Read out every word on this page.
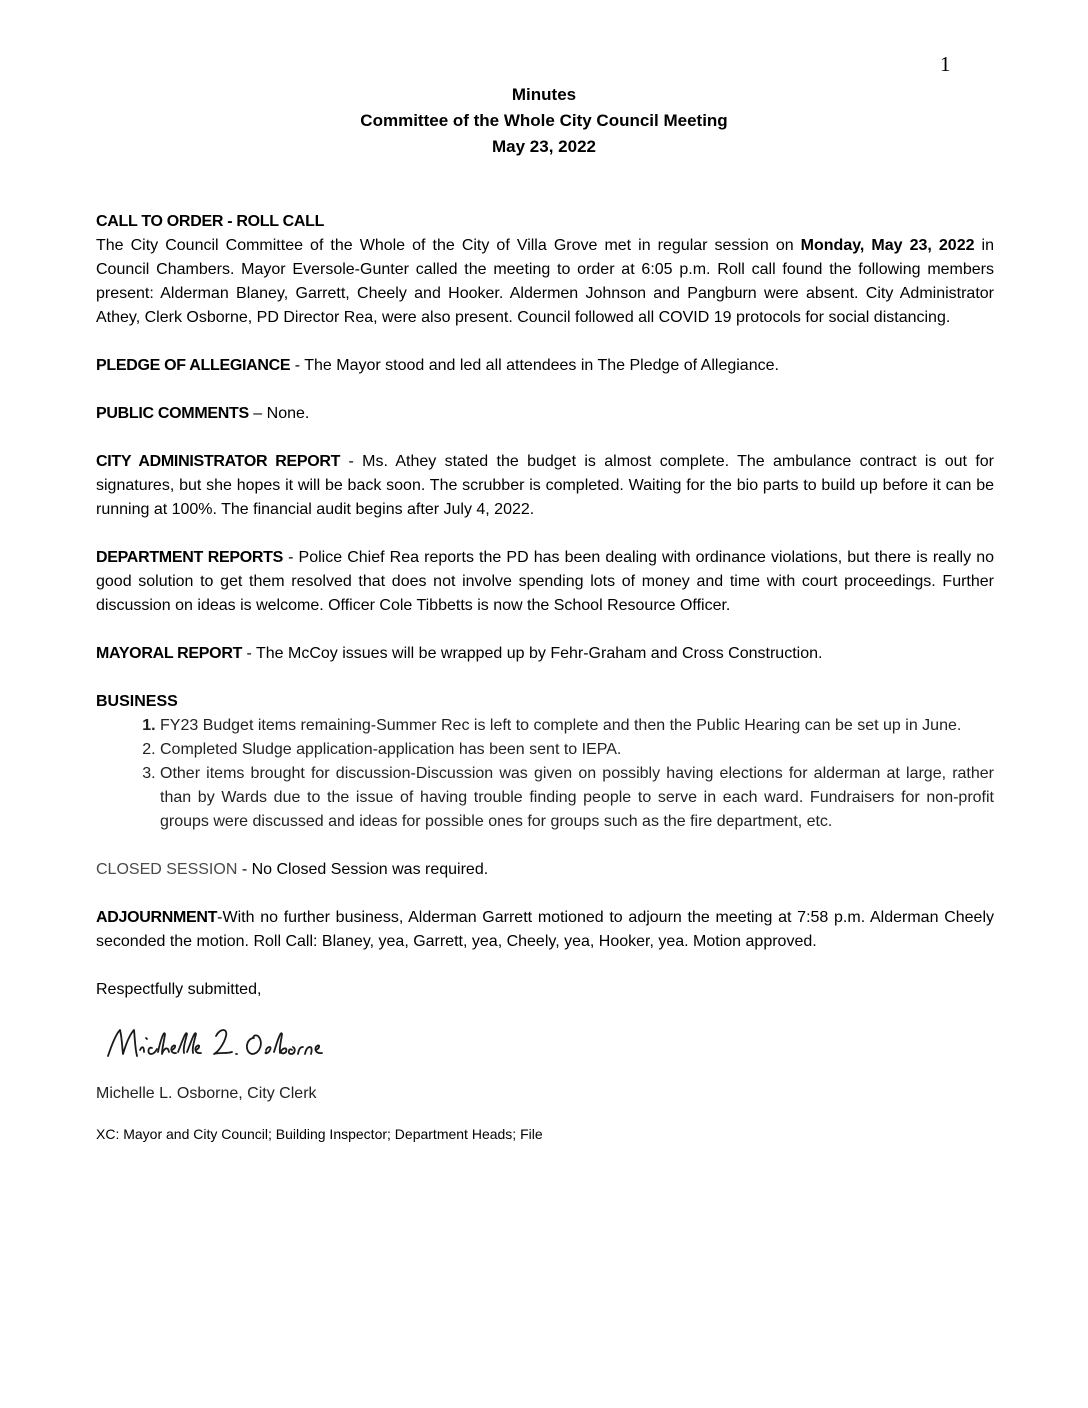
1
Minutes
Committee of the Whole City Council Meeting
May 23, 2022
CALL TO ORDER - ROLL CALL
The City Council Committee of the Whole of the City of Villa Grove met in regular session on Monday, May 23, 2022 in Council Chambers. Mayor Eversole-Gunter called the meeting to order at 6:05 p.m. Roll call found the following members present: Alderman Blaney, Garrett, Cheely and Hooker. Aldermen Johnson and Pangburn were absent. City Administrator Athey, Clerk Osborne, PD Director Rea, were also present. Council followed all COVID 19 protocols for social distancing.

PLEDGE OF ALLEGIANCE - The Mayor stood and led all attendees in The Pledge of Allegiance.

PUBLIC COMMENTS – None.

CITY ADMINISTRATOR REPORT - Ms. Athey stated the budget is almost complete. The ambulance contract is out for signatures, but she hopes it will be back soon. The scrubber is completed. Waiting for the bio parts to build up before it can be running at 100%. The financial audit begins after July 4, 2022.

DEPARTMENT REPORTS - Police Chief Rea reports the PD has been dealing with ordinance violations, but there is really no good solution to get them resolved that does not involve spending lots of money and time with court proceedings. Further discussion on ideas is welcome. Officer Cole Tibbetts is now the School Resource Officer.

MAYORAL REPORT - The McCoy issues will be wrapped up by Fehr-Graham and Cross Construction.

BUSINESS
1. FY23 Budget items remaining-Summer Rec is left to complete and then the Public Hearing can be set up in June.
2. Completed Sludge application-application has been sent to IEPA.
3. Other items brought for discussion-Discussion was given on possibly having elections for alderman at large, rather than by Wards due to the issue of having trouble finding people to serve in each ward. Fundraisers for non-profit groups were discussed and ideas for possible ones for groups such as the fire department, etc.

CLOSED SESSION - No Closed Session was required.

ADJOURNMENT-With no further business, Alderman Garrett motioned to adjourn the meeting at 7:58 p.m. Alderman Cheely seconded the motion. Roll Call: Blaney, yea, Garrett, yea, Cheely, yea, Hooker, yea. Motion approved.

Respectfully submitted,

Michelle L. Osborne, City Clerk

XC: Mayor and City Council; Building Inspector; Department Heads; File
